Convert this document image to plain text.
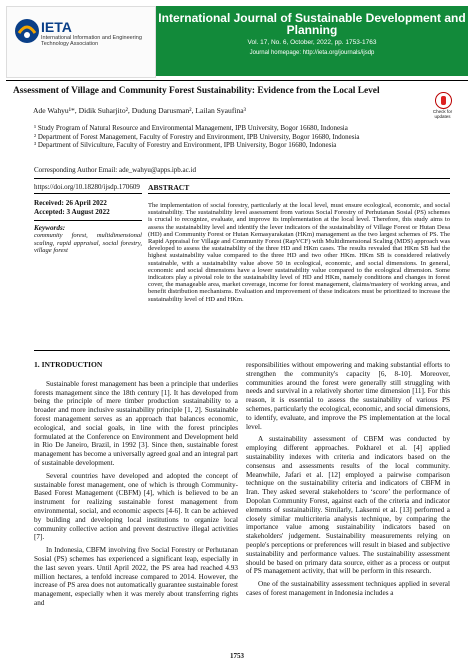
IETA
International Information and Engineering Technology Association
International Journal of Sustainable Development and Planning
Vol. 17, No. 6, October, 2022, pp. 1753-1763
Journal homepage: http://ieta.org/journals/ijsdp
Assessment of Village and Community Forest Sustainability: Evidence from the Local Level
Check for
updates
Ade Wahyu¹*, Didik Suharjito², Dudung Darusman², Lailan Syaufina³
¹ Study Program of Natural Resource and Environmental Management, IPB University, Bogor 16680, Indonesia
² Department of Forest Management, Faculty of Forestry and Environment, IPB University, Bogor 16680, Indonesia
³ Department of Silviculture, Faculty of Forestry and Environment, IPB University, Bogor 16680, Indonesia
Corresponding Author Email: ade_wahyu@apps.ipb.ac.id
https://doi.org/10.18280/ijsdp.170609 ABSTRACT
Received: 26 April 2022
Accepted: 3 August 2022
Keywords:
community forest, multidimensional scaling, rapid appraisal, social forestry, village forest
The implementation of social forestry, particularly at the local level, must ensure ecological, economic, and social sustainability. The sustainability level assessment from various Social Forestry of Perhutanan Sosial (PS) schemes is crucial to recognize, evaluate, and improve its implementation at the local level. Therefore, this study aims to assess the sustainability level and identify the lever indicators of the sustainability of Village Forest or Hutan Desa (HD) and Community Forest or Hutan Kemasyarakatan (HKm) management as the two largest schemes of PS. The Rapid Appraisal for Village and Community Forest (RapVCF) with Multidimensional Scaling (MDS) approach was developed to assess the sustainability of the three HD and HKm cases. The results revealed that HKm SB had the highest sustainability value compared to the three HD and two other HKm. HKm SB is considered relatively sustainable, with a sustainability value above 50 in ecological, economic, and social dimensions. In general, economic and social dimensions have a lower sustainability value compared to the ecological dimension. Some indicators play a pivotal role to the sustainability level of HD and HKm, namely conditions and changes in forest cover, the manageable area, market coverage, income for forest management, claims/mastery of working areas, and benefit distribution mechanisms. Evaluation and improvement of these indicators must be prioritized to increase the sustainability level of HD and HKm.
1. INTRODUCTION

Sustainable forest management has been a principle that underlies forests management since the 18th century [1]. It has developed from being the principle of mere timber production sustainability to a broader and more inclusive sustainability principle [1, 2]. Sustainable forest management serves as an approach that balances economic, ecological, and social goals, in line with the forest principles formulated at the Conference on Environment and Development held in Rio De Janeiro, Brazil, in 1992 [3]. Since then, sustainable forest management has become a universally agreed goal and an integral part of sustainable development.

Several countries have developed and adopted the concept of sustainable forest management, one of which is through Community-Based Forest Management (CBFM) [4], which is believed to be an instrument for realizing sustainable forest management from environmental, social, and economic aspects [4-6]. It can be achieved by building and developing local institutions to organize local community collective action and prevent destructive illegal activities [7].

In Indonesia, CBFM involving five Social Forestry or Perhutanan Sosial (PS) schemes has experienced a significant leap, especially in the last seven years. Until April 2022, the PS area had reached 4.93 million hectares, a tenfold increase compared to 2014. However, the increase of PS area does not automatically guarantee sustainable forest management, especially when it was merely about transferring rights and

responsibilities without empowering and making substantial efforts to strengthen the community's capacity [6, 8-10]. Moreover, communities around the forest were generally still struggling with needs and survival in a relatively shorter time dimension [11]. For this reason, it is essential to assess the sustainability of various PS schemes, particularly the ecological, economic, and social dimensions, to identify, evaluate, and improve the PS implementation at the local level.

A sustainability assessment of CBFM was conducted by employing different approaches. Pokharel et al. [4] applied sustainability indexes with criteria and indicators based on the consensus and assessments results of the local community. Meanwhile, Jafari et al. [12] employed a pairwise comparison technique on the sustainability criteria and indicators of CBFM in Iran. They asked several stakeholders to ‘score’ the performance of Dopolan Community Forest, against each of the criteria and indicator elements of sustainability. Similarly, Laksemi et al. [13] performed a closely similar multicriteria analysis technique, by comparing the importance value among sustainability indicators based on stakeholders' judgement. Sustainability measurements relying on people's perceptions or preferences will result in biased and subjective sustainability and performance values. The sustainability assessment should be based on primary data source, either as a process or output of PS management activity, that will be perform in this research.

One of the sustainability assessment techniques applied in several cases of forest management in Indonesia includes a

1753
